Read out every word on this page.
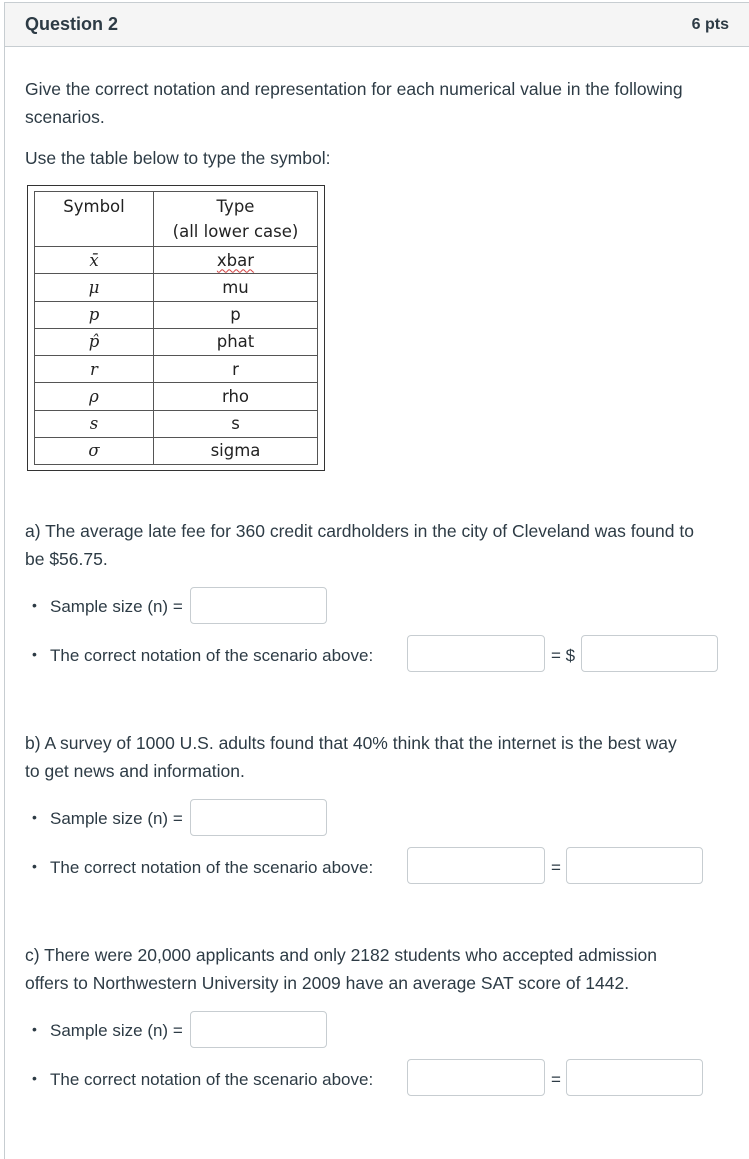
Question 2	6 pts
Give the correct notation and representation for each numerical value in the following
scenarios.
Use the table below to type the symbol:
Symbol	Type
(all lower case)

x̄	xbar
μ	mu
p	p
p̂	phat
r	r
ρ	rho
s	s
σ	sigma
a) The average late fee for 360 credit cardholders in the city of Cleveland was found to
be $56.75.
• Sample size (n) =
• The correct notation of the scenario above:	= $
b) A survey of 1000 U.S. adults found that 40% think that the internet is the best way
to get news and information.
• Sample size (n) =
• The correct notation of the scenario above:	=
c) There were 20,000 applicants and only 2182 students who accepted admission
offers to Northwestern University in 2009 have an average SAT score of 1442.
• Sample size (n) =
• The correct notation of the scenario above:	=
